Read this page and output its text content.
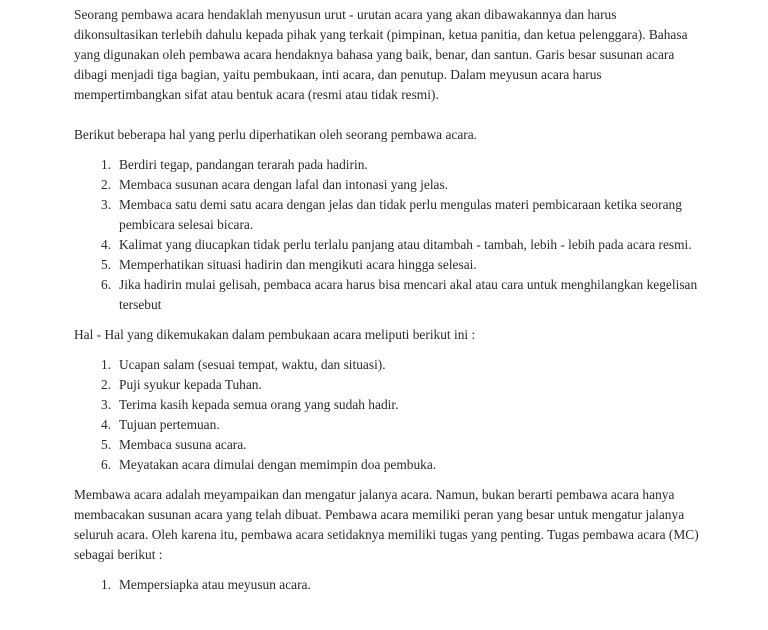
Seorang pembawa acara hendaklah menyusun urut - urutan acara yang akan dibawakannya dan harus dikonsultasikan terlebih dahulu kepada pihak yang terkait (pimpinan, ketua panitia, dan ketua pelenggara). Bahasa yang digunakan oleh pembawa acara hendaknya bahasa yang baik, benar, dan santun. Garis besar susunan acara dibagi menjadi tiga bagian, yaitu pembukaan, inti acara, dan penutup. Dalam meyusun acara harus mempertimbangkan sifat atau bentuk acara (resmi atau tidak resmi).

Berikut beberapa hal yang perlu diperhatikan oleh seorang pembawa acara.

1. Berdiri tegap, pandangan terarah pada hadirin.
2. Membaca susunan acara dengan lafal dan intonasi yang jelas.
3. Membaca satu demi satu acara dengan jelas dan tidak perlu mengulas materi pembicaraan ketika seorang pembicara selesai bicara.
4. Kalimat yang diucapkan tidak perlu terlalu panjang atau ditambah - tambah, lebih - lebih pada acara resmi.
5. Memperhatikan situasi hadirin dan mengikuti acara hingga selesai.
6. Jika hadirin mulai gelisah, pembaca acara harus bisa mencari akal atau cara untuk menghilangkan kegelisan tersebut

Hal - Hal yang dikemukakan dalam pembukaan acara meliputi berikut ini :

1. Ucapan salam (sesuai tempat, waktu, dan situasi).
2. Puji syukur kepada Tuhan.
3. Terima kasih kepada semua orang yang sudah hadir.
4. Tujuan pertemuan.
5. Membaca susuna acara.
6. Meyatakan acara dimulai dengan memimpin doa pembuka.

Membawa acara adalah meyampaikan dan mengatur jalanya acara. Namun, bukan berarti pembawa acara hanya membacakan susunan acara yang telah dibuat. Pembawa acara memiliki peran yang besar untuk mengatur jalanya seluruh acara. Oleh karena itu, pembawa acara setidaknya memiliki tugas yang penting. Tugas pembawa acara (MC) sebagai berikut :

1. Mempersiapka atau meyusun acara.
